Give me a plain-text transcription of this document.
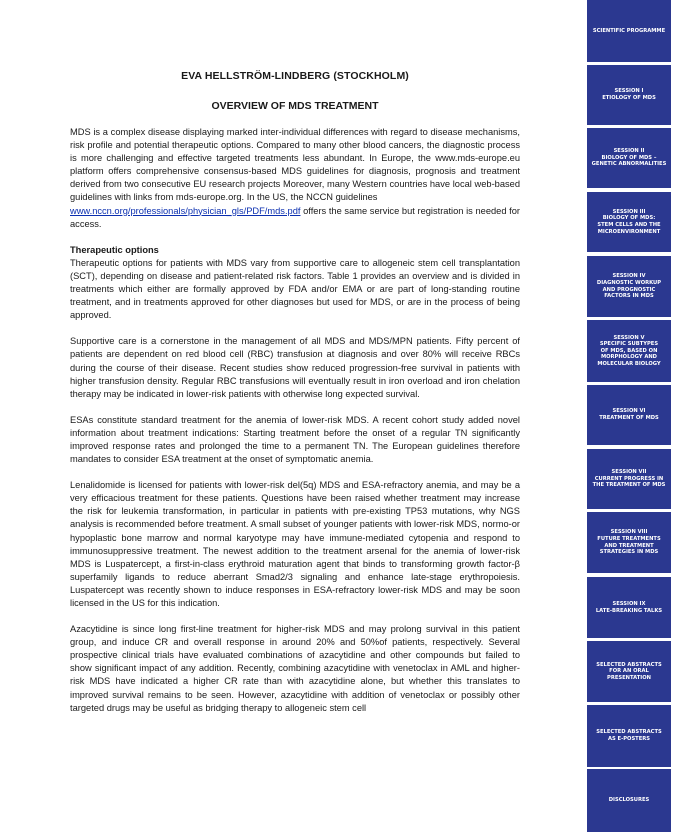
EVA HELLSTRÖM-LINDBERG (STOCKHOLM)
OVERVIEW OF MDS TREATMENT

MDS is a complex disease displaying marked inter-individual differences with regard to disease mechanisms, risk profile and potential therapeutic options. Compared to many other blood cancers, the diagnostic process is more challenging and effective targeted treatments less abundant. In Europe, the www.mds-europe.eu platform offers comprehensive consensus-based MDS guidelines for diagnosis, prognosis and treatment derived from two consecutive EU research projects Moreover, many Western countries have local web-based guidelines with links from mds-europe.org. In the US, the NCCN guidelines
www.nccn.org/professionals/physician_gls/PDF/mds.pdf offers the same service but registration is needed for access.

Therapeutic options

Therapeutic options for patients with MDS vary from supportive care to allogeneic stem cell transplantation (SCT), depending on disease and patient-related risk factors. Table 1 provides an overview and is divided in treatments which either are formally approved by FDA and/or EMA or are part of long-standing routine treatment, and in treatments approved for other diagnoses but used for MDS, or are in the process of being approved.

Supportive care is a cornerstone in the management of all MDS and MDS/MPN patients. Fifty percent of patients are dependent on red blood cell (RBC) transfusion at diagnosis and over 80% will receive RBCs during the course of their disease. Recent studies show reduced progression-free survival in patients with higher transfusion density. Regular RBC transfusions will eventually result in iron overload and iron chelation therapy may be indicated in lower-risk patients with otherwise long expected survival.

ESAs constitute standard treatment for the anemia of lower-risk MDS. A recent cohort study added novel information about treatment indications: Starting treatment before the onset of a regular TN significantly improved response rates and prolonged the time to a permanent TN. The European guidelines therefore mandates to consider ESA treatment at the onset of symptomatic anemia.

Lenalidomide is licensed for patients with lower-risk del(5q) MDS and ESA-refractory anemia, and may be a very efficacious treatment for these patients. Questions have been raised whether treatment may increase the risk for leukemia transformation, in particular in patients with pre-existing TP53 mutations, why NGS analysis is recommended before treatment. A small subset of younger patients with lower-risk MDS, normo-or hypoplastic bone marrow and normal karyotype may have immune-mediated cytopenia and respond to immunosuppressive treatment. The newest addition to the treatment arsenal for the anemia of lower-risk MDS is Luspatercept, a first-in-class erythroid maturation agent that binds to transforming growth factor-β superfamily ligands to reduce aberrant Smad2/3 signaling and enhance late-stage erythropoiesis. Luspatercept was recently shown to induce responses in ESA-refractory lower-risk MDS and may be soon licensed in the US for this indication.

Azacytidine is since long first-line treatment for higher-risk MDS and may prolong survival in this patient group, and induce CR and overall response in around 20% and 50%of patients, respectively. Several prospective clinical trials have evaluated combinations of azacytidine and other compounds but failed to show significant impact of any addition. Recently, combining azacytidine with venetoclax in AML and higher-risk MDS have indicated a higher CR rate than with azacytidine alone, but whether this translates to improved survival remains to be seen. However, azacytidine with addition of venetoclax or possibly other targeted drugs may be useful as bridging therapy to allogeneic stem cell

SCIENTIFIC PROGRAMME
SESSION I
ETIOLOGY OF MDS
SESSION II
BIOLOGY OF MDS –
GENETIC ABNORMALITIES
SESSION III
BIOLOGY OF MDS:
STEM CELLS AND THE
MICROENVIRONMENT
SESSION IV
DIAGNOSTIC WORKUP
AND PROGNOSTIC
FACTORS IN MDS
SESSION V
SPECIFIC SUBTYPES
OF MDS, BASED ON
MORPHOLOGY AND
MOLECULAR BIOLOGY
SESSION VI
TREATMENT OF MDS
SESSION VII
CURRENT PROGRESS IN
THE TREATMENT OF MDS
SESSION VIII
FUTURE TREATMENTS
AND TREATMENT
STRATEGIES IN MDS
SESSION IX
LATE-BREAKING TALKS
SELECTED ABSTRACTS
FOR AN ORAL
PRESENTATION
SELECTED ABSTRACTS
AS E-POSTERS
DISCLOSURES
